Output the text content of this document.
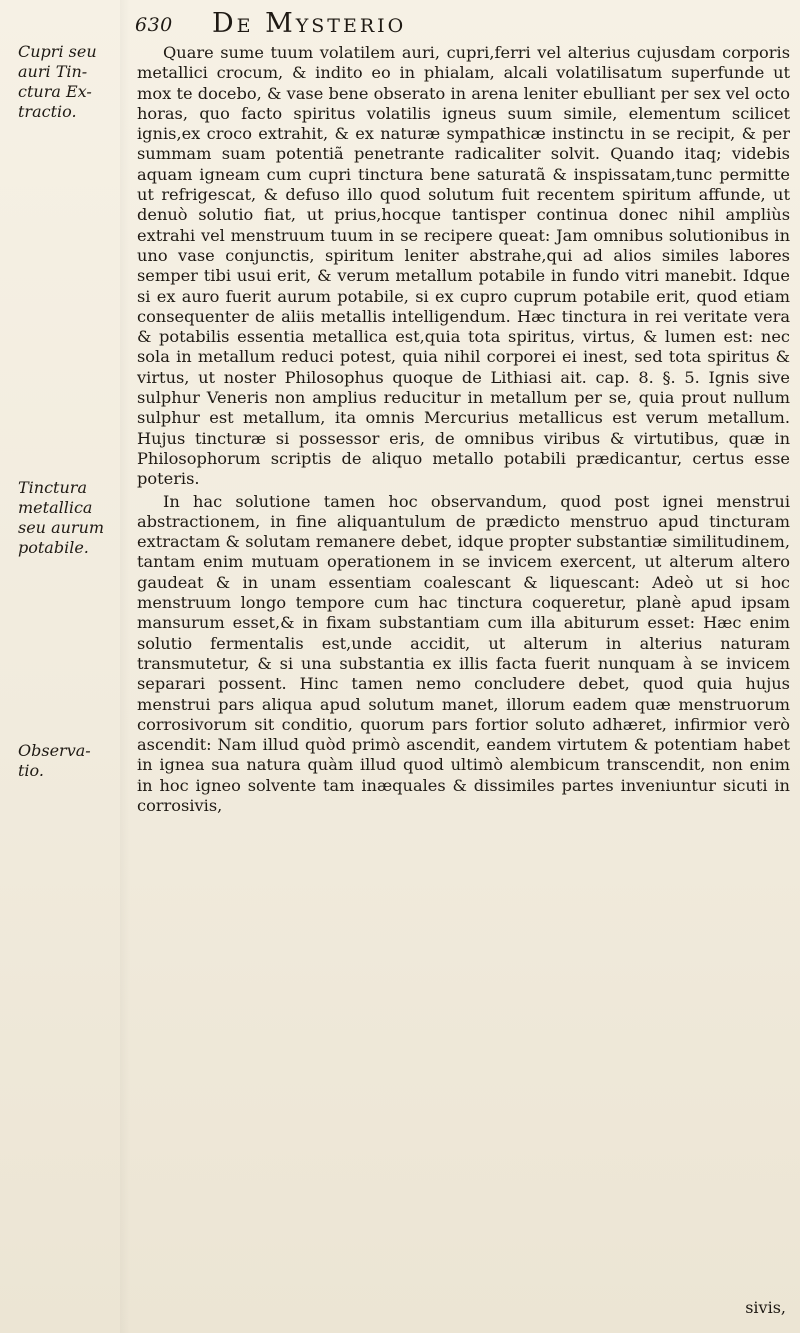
630 De Mysterio
Cupri seu
auri Tin-
ctura Ex-
tractio.
Tinctura
metallica
seu aurum
potabile.
Observa-
tio.

Quare sume tuum volatilem auri, cupri,ferri vel alterius cujusdam corporis metallici crocum, & indito eo in phialam, alcali volatilisatum superfunde ut mox te docebo, & vase bene obserato in arena leniter ebulliant per sex vel octo horas, quo facto spiritus volatilis igneus suum simile, elementum scilicet ignis,ex croco extrahit, & ex naturæ sympathicæ instinctu in se recipit, & per summam suam potentiã penetrante radicaliter solvit. Quando itaq; videbis aquam igneam cum cupri tinctura bene saturatã & inspissatam,tunc permitte ut refrigescat, & defuso illo quod solutum fuit recentem spiritum affunde, ut denuò solutio fiat, ut prius,hocque tantisper continua donec nihil ampliùs extrahi vel menstruum tuum in se recipere queat: Jam omnibus solutionibus in uno vase conjunctis, spiritum leniter abstrahe,qui ad alios similes labores semper tibi usui erit, & verum metallum potabile in fundo vitri manebit. Idque si ex auro fuerit aurum potabile, si ex cupro cuprum potabile erit, quod etiam consequenter de aliis metallis intelligendum. Hæc tinctura in rei veritate vera & potabilis essentia metallica est,quia tota spiritus, virtus, & lumen est: nec sola in metallum reduci potest, quia nihil corporei ei inest, sed tota spiritus & virtus, ut noster Philosophus quoque de Lithiasi ait. cap. 8. §. 5. Ignis sive sulphur Veneris non amplius reducitur in metallum per se, quia prout nullum sulphur est metallum, ita omnis Mercurius metallicus est verum metallum. Hujus tincturæ si possessor eris, de omnibus viribus & virtutibus, quæ in Philosophorum scriptis de aliquo metallo potabili prædicantur, certus esse poteris.

In hac solutione tamen hoc observandum, quod post ignei menstrui abstractionem, in fine aliquantulum de prædicto menstruo apud tincturam extractam & solutam remanere debet, idque propter substantiæ similitudinem, tantam enim mutuam operationem in se invicem exercent, ut alterum altero gaudeat & in unam essentiam coalescant & liquescant: Adeò ut si hoc menstruum longo tempore cum hac tinctura coqueretur, planè apud ipsam mansurum esset,& in fixam substantiam cum illa abiturum esset: Hæc enim solutio fermentalis est,unde accidit, ut alterum in alterius naturam transmutetur, & si una substantia ex illis facta fuerit nunquam à se invicem separari possent. Hinc tamen nemo concludere debet, quod quia hujus menstrui pars aliqua apud solutum manet, illorum eadem quæ menstruorum corrosivorum sit conditio, quorum pars fortior soluto adhæret, infirmior verò ascendit: Nam illud quòd primò ascendit, eandem virtutem & potentiam habet in ignea sua natura quàm illud quod ultimò alembicum transcendit, non enim in hoc igneo solvente tam inæquales & dissimiles partes inveniuntur sicuti in corrosivis,

sivis,
